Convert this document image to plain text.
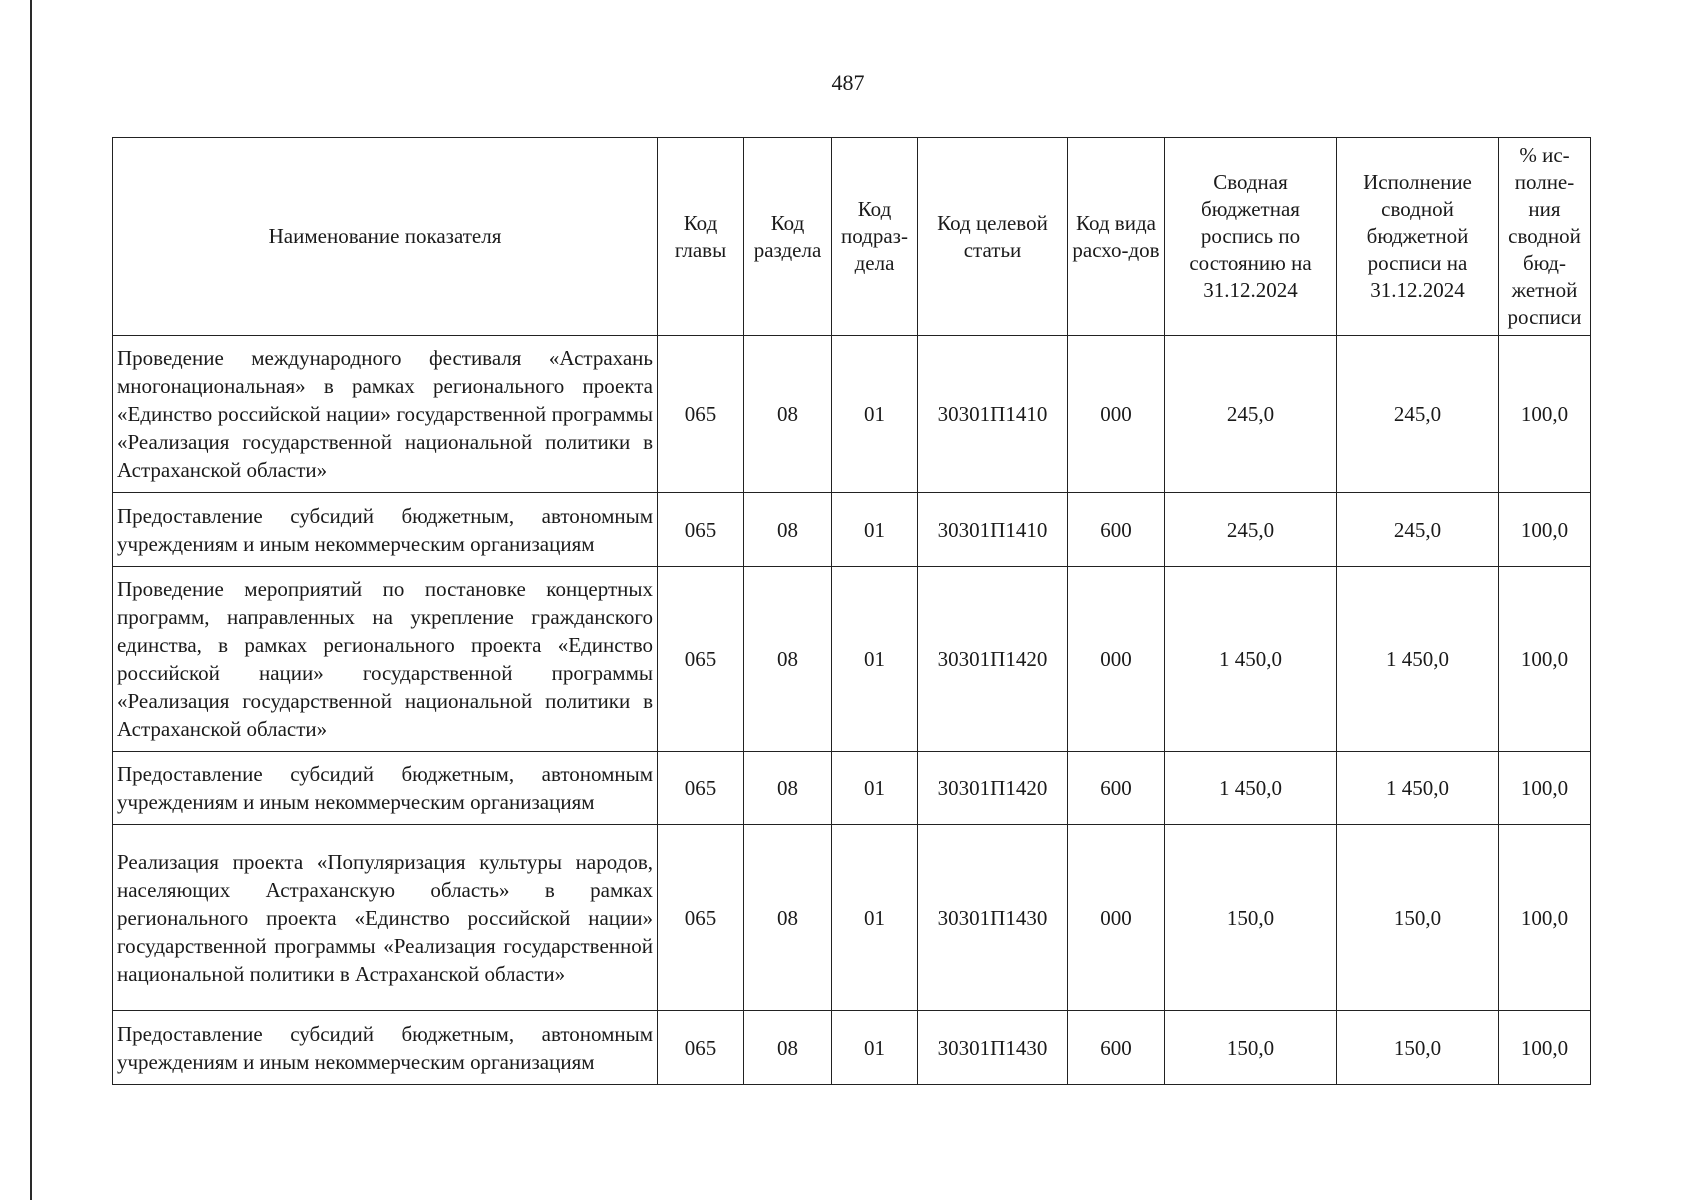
487
Наименование показателя	Код главы	Код раздела	Код подраз-дела	Код целевой статьи	Код вида расхо-дов	Сводная бюджетная роспись по состоянию на 31.12.2024	Исполнение сводной бюджетной росписи на 31.12.2024	% ис-полне-ния сводной бюд-жетной росписи
Проведение международного фестиваля «Астрахань многонациональная» в рамках регионального проекта «Единство российской нации» государственной программы «Реализация государственной национальной политики в Астраханской области»	065	08	01	30301П1410	000	245,0	245,0	100,0
Предоставление субсидий бюджетным, автономным учреждениям и иным некоммерческим организациям	065	08	01	30301П1410	600	245,0	245,0	100,0
Проведение мероприятий по постановке концертных программ, направленных на укрепление гражданского единства, в рамках регионального проекта «Единство российской нации» государственной программы «Реализация государственной национальной политики в Астраханской области»	065	08	01	30301П1420	000	1 450,0	1 450,0	100,0
Предоставление субсидий бюджетным, автономным учреждениям и иным некоммерческим организациям	065	08	01	30301П1420	600	1 450,0	1 450,0	100,0
Реализация проекта «Популяризация культуры народов, населяющих Астраханскую область» в рамках регионального проекта «Единство российской нации» государственной программы «Реализация государственной национальной политики в Астраханской области»	065	08	01	30301П1430	000	150,0	150,0	100,0
Предоставление субсидий бюджетным, автономным учреждениям и иным некоммерческим организациям	065	08	01	30301П1430	600	150,0	150,0	100,0
